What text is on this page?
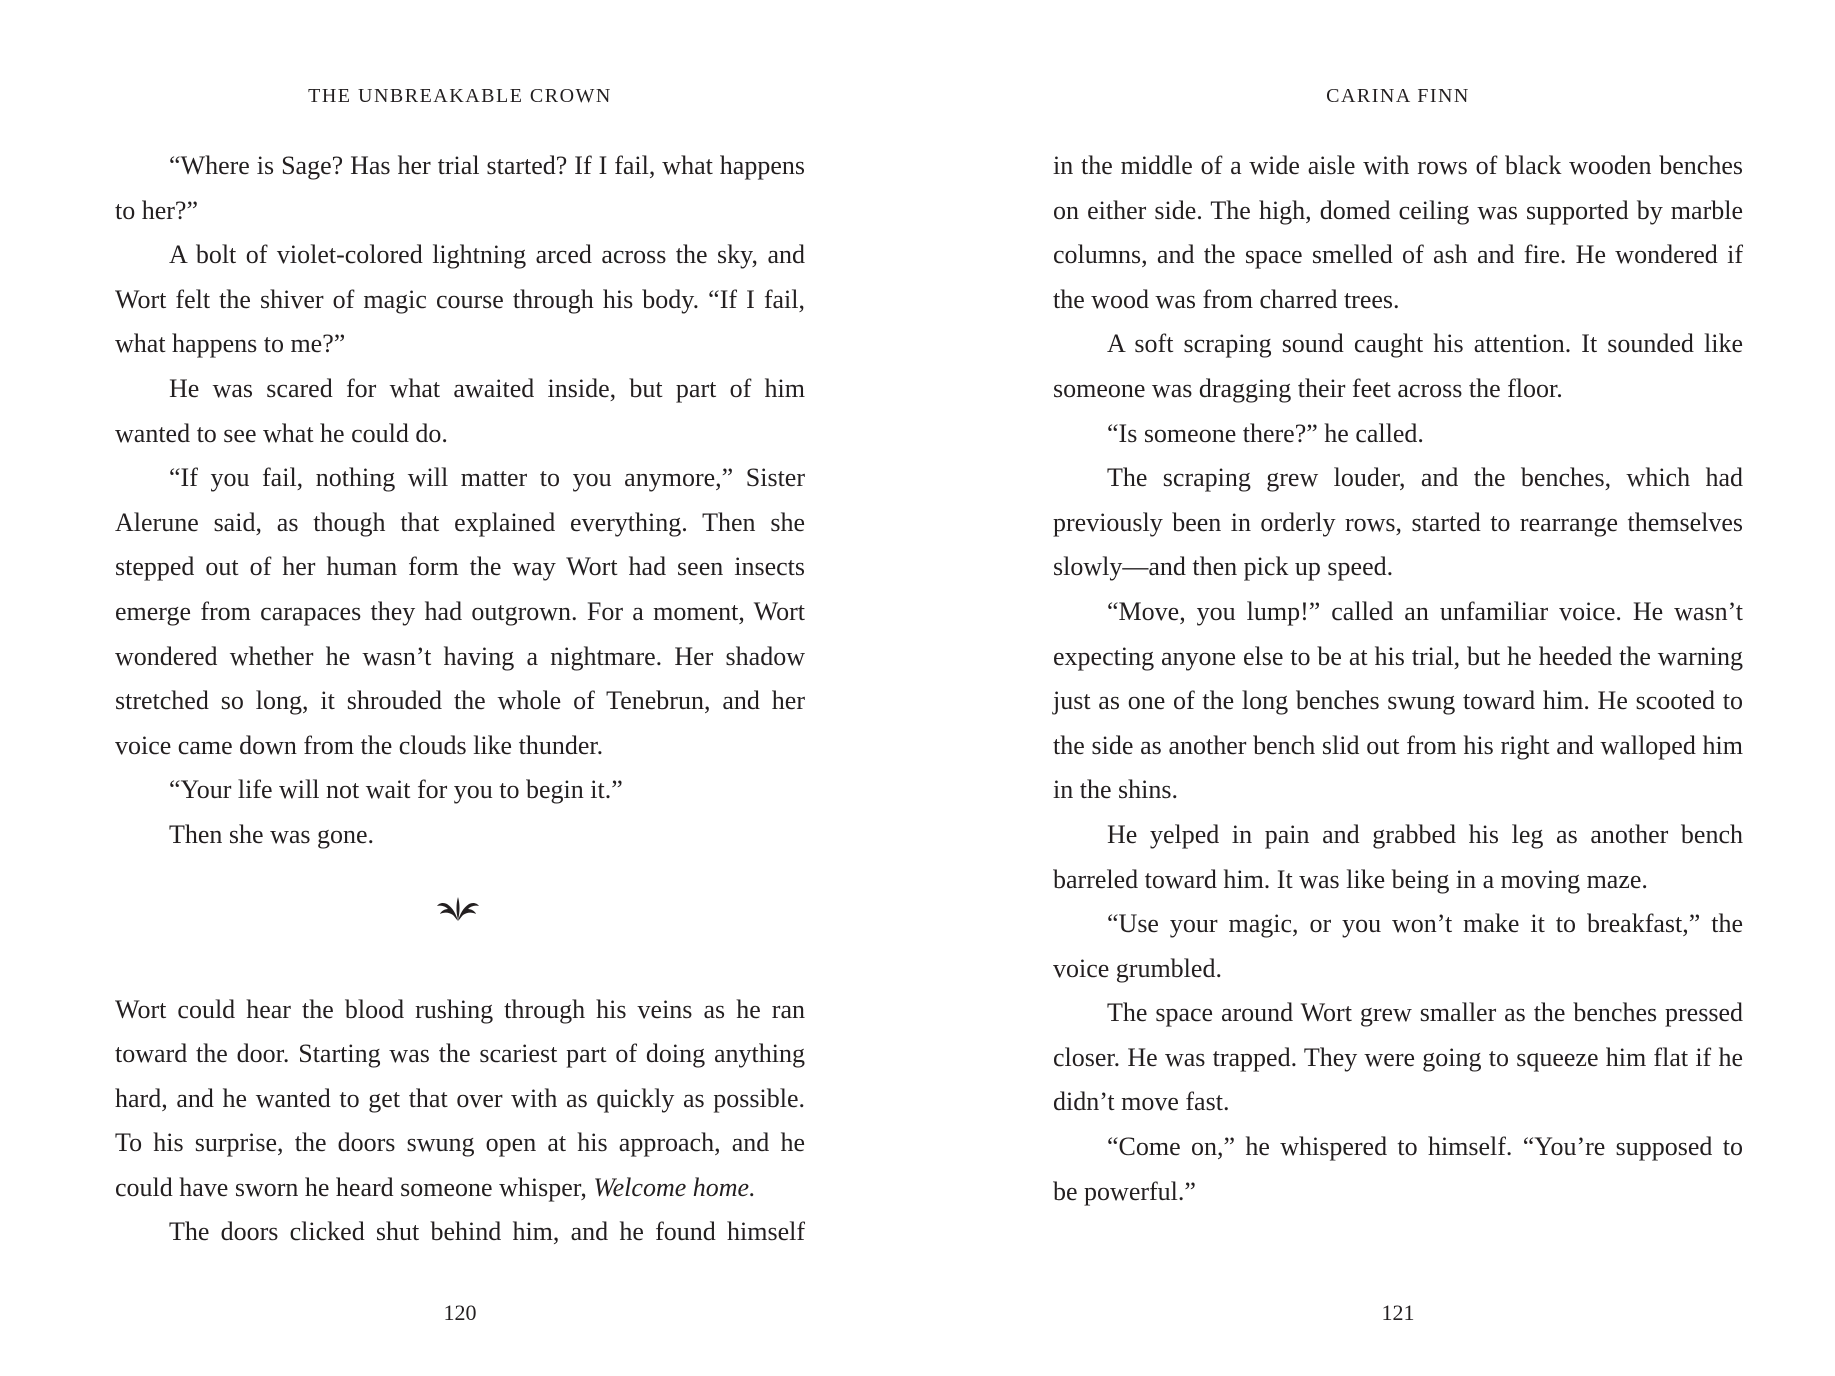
THE UNBREAKABLE CROWN

“Where is Sage? Has her trial started? If I fail, what happens to her?”

A bolt of violet-colored lightning arced across the sky, and Wort felt the shiver of magic course through his body. “If I fail, what happens to me?”

He was scared for what awaited inside, but part of him wanted to see what he could do.

“If you fail, nothing will matter to you anymore,” Sister Alerune said, as though that explained everything. Then she stepped out of her human form the way Wort had seen insects emerge from carapaces they had outgrown. For a moment, Wort wondered whether he wasn’t having a nightmare. Her shadow stretched so long, it shrouded the whole of Tenebrun, and her voice came down from the clouds like thunder.

“Your life will not wait for you to begin it.”

Then she was gone.

Wort could hear the blood rushing through his veins as he ran toward the door. Starting was the scariest part of doing anything hard, and he wanted to get that over with as quickly as possible. To his surprise, the doors swung open at his approach, and he could have sworn he heard someone whisper, Welcome home.

The doors clicked shut behind him, and he found himself

120
CARINA FINN

in the middle of a wide aisle with rows of black wooden benches on either side. The high, domed ceiling was supported by marble columns, and the space smelled of ash and fire. He wondered if the wood was from charred trees.

A soft scraping sound caught his attention. It sounded like someone was dragging their feet across the floor.

“Is someone there?” he called.

The scraping grew louder, and the benches, which had previously been in orderly rows, started to rearrange themselves slowly—and then pick up speed.

“Move, you lump!” called an unfamiliar voice. He wasn’t expecting anyone else to be at his trial, but he heeded the warning just as one of the long benches swung toward him. He scooted to the side as another bench slid out from his right and walloped him in the shins.

He yelped in pain and grabbed his leg as another bench barreled toward him. It was like being in a moving maze.

“Use your magic, or you won’t make it to breakfast,” the voice grumbled.

The space around Wort grew smaller as the benches pressed closer. He was trapped. They were going to squeeze him flat if he didn’t move fast.

“Come on,” he whispered to himself. “You’re supposed to be powerful.”

121
